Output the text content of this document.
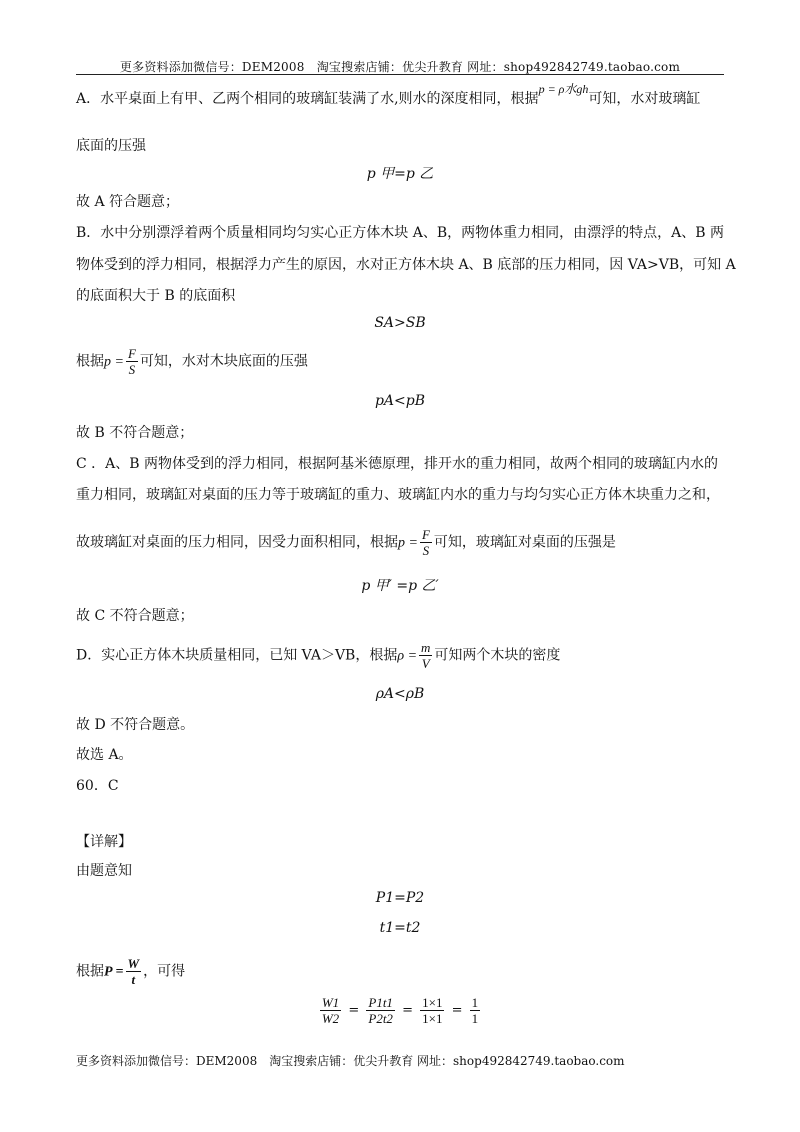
更多资料添加微信号：DEM2008　淘宝搜索店铺：优尖升教育 网址：shop492842749.taobao.com
A．水平桌面上有甲、乙两个相同的玻璃缸装满了水,则水的深度相同，根据p = ρ水gh可知，水对玻璃缸
底面的压强
p 甲=p 乙
故 A 符合题意；
B．水中分别漂浮着两个质量相同均匀实心正方体木块 A、B，两物体重力相同，由漂浮的特点，A、B 两
物体受到的浮力相同，根据浮力产生的原因，水对正方体木块 A、B 底部的压力相同，因 VA>VB，可知 A
的底面积大于 B 的底面积
SA>SB
根据$p = \frac{F}{S}$ 可知，水对木块底面的压强
pA<pB
故 B 不符合题意；
C ．A、B 两物体受到的浮力相同，根据阿基米德原理，排开水的重力相同，故两个相同的玻璃缸内水的
重力相同，玻璃缸对桌面的压力等于玻璃缸的重力、玻璃缸内水的重力与均匀实心正方体木块重力之和，
故玻璃缸对桌面的压力相同，因受力面积相同，根据$p = \frac{F}{S}$ 可知，玻璃缸对桌面的压强是
p 甲′ =p 乙′
故 C 不符合题意；
D．实心正方体木块质量相同，已知 VA＞VB，根据$\rho = \frac{m}{V}$ 可知两个木块的密度
ρA<ρB
故 D 不符合题意。
故选 A。
60．C
【详解】
由题意知
P1=P2
t1=t2
根据$P = \frac{W}{t}$ ，可得
$\frac{W1}{W2} = \frac{P1t1}{P2t2} = \frac{1\times 1}{1\times 1} = \frac{1}{1}$
更多资料添加微信号：DEM2008　淘宝搜索店铺：优尖升教育 网址：shop492842749.taobao.com
